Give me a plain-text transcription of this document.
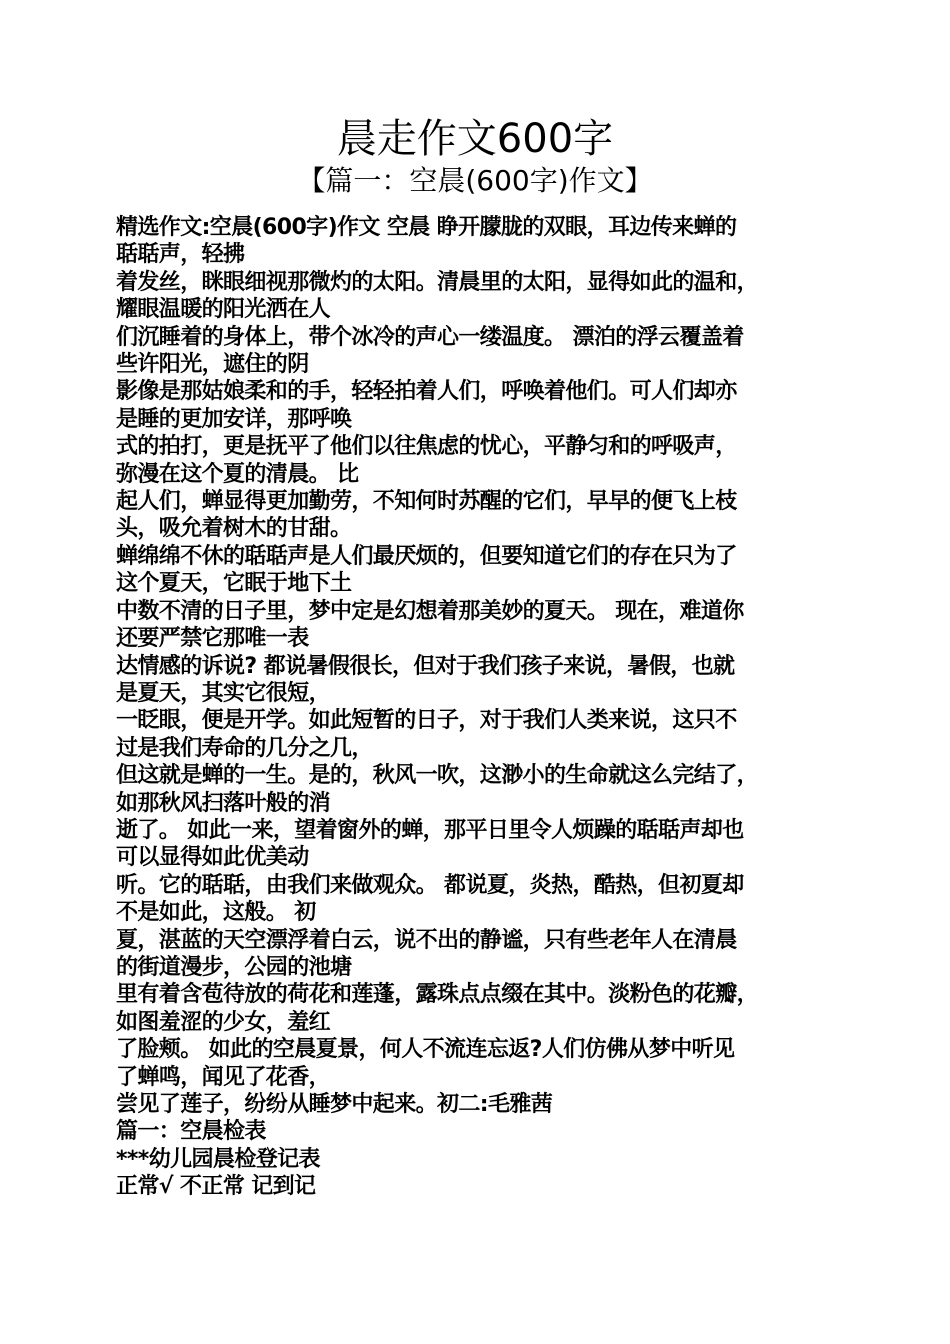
晨走作文600字
【篇一：空晨(600字)作文】
精选作文:空晨(600字)作文 空晨 睁开朦胧的双眼，耳边传来蝉的
聒聒声，轻拂
着发丝，眯眼细视那微灼的太阳。清晨里的太阳，显得如此的温和，
耀眼温暖的阳光洒在人
们沉睡着的身体上，带个冰冷的声心一缕温度。 漂泊的浮云覆盖着
些许阳光，遮住的阴
影像是那姑娘柔和的手，轻轻拍着人们，呼唤着他们。可人们却亦
是睡的更加安详，那呼唤
式的拍打，更是抚平了他们以往焦虑的忧心，平静匀和的呼吸声，
弥漫在这个夏的清晨。 比
起人们，蝉显得更加勤劳，不知何时苏醒的它们，早早的便飞上枝
头，吸允着树木的甘甜。
蝉绵绵不休的聒聒声是人们最厌烦的，但要知道它们的存在只为了
这个夏天，它眠于地下土
中数不清的日子里，梦中定是幻想着那美妙的夏天。 现在，难道你
还要严禁它那唯一表
达情感的诉说? 都说暑假很长，但对于我们孩子来说，暑假，也就
是夏天，其实它很短，
一眨眼，便是开学。如此短暂的日子，对于我们人类来说，这只不
过是我们寿命的几分之几，
但这就是蝉的一生。是的，秋风一吹，这渺小的生命就这么完结了，
如那秋风扫落叶般的消
逝了。 如此一来，望着窗外的蝉，那平日里令人烦躁的聒聒声却也
可以显得如此优美动
听。它的聒聒，由我们来做观众。 都说夏，炎热，酷热，但初夏却
不是如此，这般。 初
夏，湛蓝的天空漂浮着白云，说不出的静谧，只有些老年人在清晨
的街道漫步，公园的池塘
里有着含苞待放的荷花和莲蓬，露珠点点缀在其中。淡粉色的花瓣，
如图羞涩的少女，羞红
了脸颊。 如此的空晨夏景，何人不流连忘返?人们仿佛从梦中听见
了蝉鸣，闻见了花香，
尝见了莲子，纷纷从睡梦中起来。初二:毛雅茜
篇一：空晨检表
***幼儿园晨检登记表
正常√ 不正常 记到记
